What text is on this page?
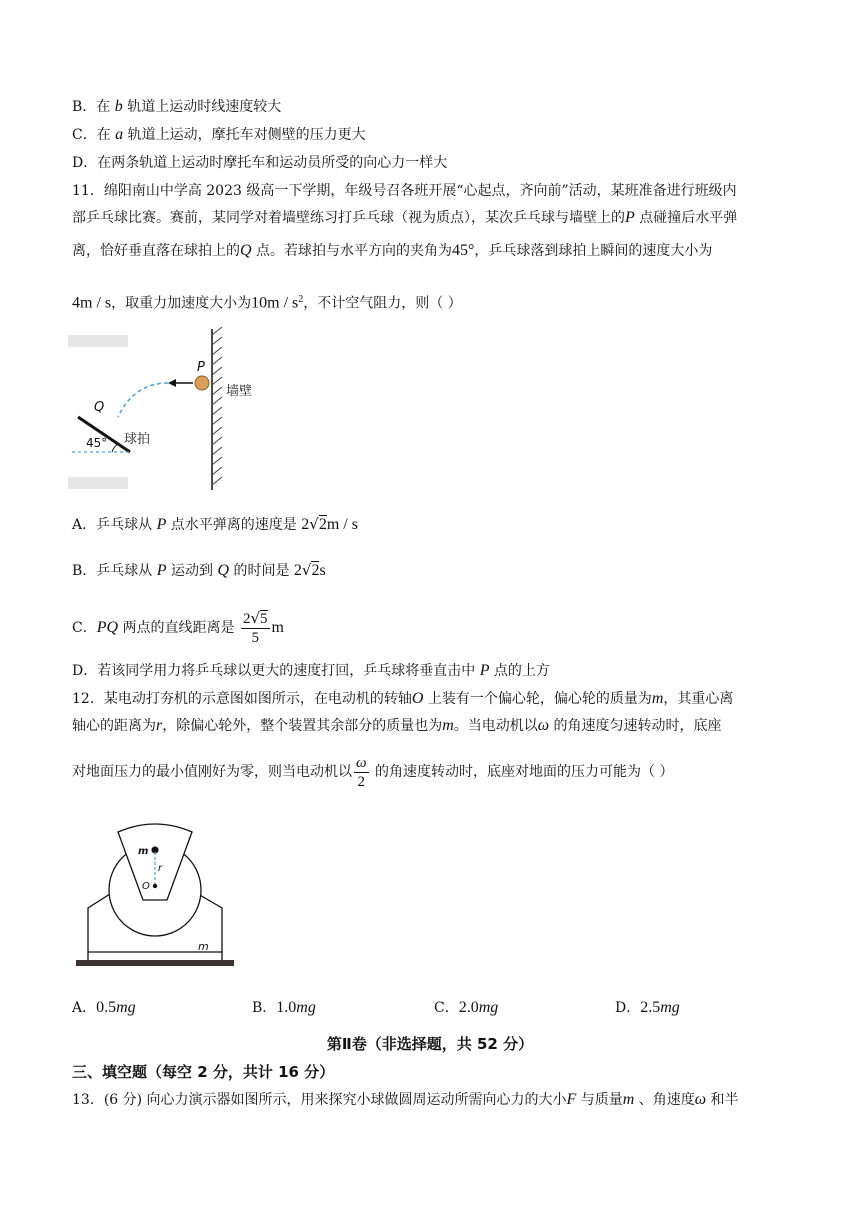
B．在 b 轨道上运动时线速度较大
C．在 a 轨道上运动，摩托车对侧壁的压力更大
D．在两条轨道上运动时摩托车和运动员所受的向心力一样大
11．绵阳南山中学高 2023 级高一下学期，年级号召各班开展“心起点，齐向前”活动，某班准备进行班级内
部乒乓球比赛。赛前，某同学对着墙壁练习打乒乓球（视为质点），某次乒乓球与墙壁上的P 点碰撞后水平弹
离，恰好垂直落在球拍上的Q 点。若球拍与水平方向的夹角为45°，乒乓球落到球拍上瞬间的速度大小为
4m / s，取重力加速度大小为$10m / s^2$，不计空气阻力，则（ ）
墙壁
P
Q
球拍
45°
A．乒乓球从 P 点水平弹离的速度是 2√2m / s
B．乒乓球从 P 运动到 Q 的时间是 2√2s
C．PQ 两点的直线距离是 $\frac{2√5}{5}$ m
D．若该同学用力将乒乓球以更大的速度打回，乒乓球将垂直击中 P 点的上方
12．某电动打夯机的示意图如图所示，在电动机的转轴O 上装有一个偏心轮，偏心轮的质量为m，其重心离
轴心的距离为r，除偏心轮外，整个装置其余部分的质量也为m。当电动机以ω 的角速度匀速转动时，底座
对地面压力的最小值刚好为零，则当电动机以 $\frac{\omega}{2}$ 的角速度转动时，底座对地面的压力可能为（ ）
m
r
O
m
A．0.5mg	B．1.0mg	C．2.0mg	D．2.5mg
第Ⅱ卷（非选择题，共 52 分）
三、填空题（每空 2 分，共计 16 分）
13．(6 分) 向心力演示器如图所示，用来探究小球做圆周运动所需向心力的大小F 与质量m 、角速度ω 和半
